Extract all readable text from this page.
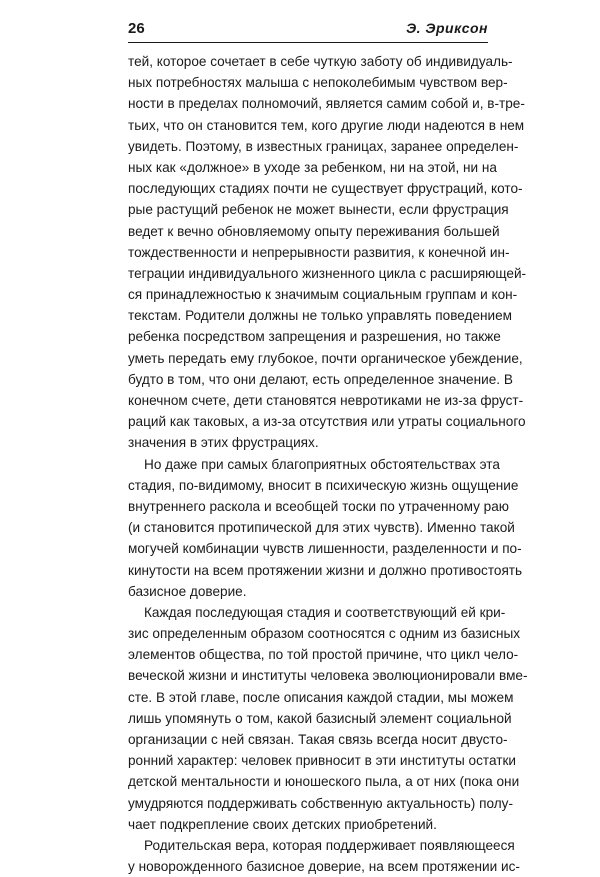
26	Э. Эриксон
тей, которое сочетает в себе чуткую заботу об индивидуаль-
ных потребностях малыша с непоколебимым чувством вер-
ности в пределах полномочий, является самим собой и, в-тре-
тьих, что он становится тем, кого другие люди надеются в нем
увидеть. Поэтому, в известных границах, заранее определен-
ных как «должное» в уходе за ребенком, ни на этой, ни на
последующих стадиях почти не существует фрустраций, кото-
рые растущий ребенок не может вынести, если фрустрация
ведет к вечно обновляемому опыту переживания большей
тождественности и непрерывности развития, к конечной ин-
теграции индивидуального жизненного цикла с расширяющей-
ся принадлежностью к значимым социальным группам и кон-
текстам. Родители должны не только управлять поведением
ребенка посредством запрещения и разрешения, но также
уметь передать ему глубокое, почти органическое убеждение,
будто в том, что они делают, есть определенное значение. В
конечном счете, дети становятся невротиками не из-за фруст-
раций как таковых, а из-за отсутствия или утраты социального
значения в этих фрустрациях.
Но даже при самых благоприятных обстоятельствах эта
стадия, по-видимому, вносит в психическую жизнь ощущение
внутреннего раскола и всеобщей тоски по утраченному раю
(и становится протипической для этих чувств). Именно такой
могучей комбинации чувств лишенности, разделенности и по-
кинутости на всем протяжении жизни и должно противостоять
базисное доверие.
Каждая последующая стадия и соответствующий ей кри-
зис определенным образом соотносятся с одним из базисных
элементов общества, по той простой причине, что цикл чело-
веческой жизни и институты человека эволюционировали вме-
сте. В этой главе, после описания каждой стадии, мы можем
лишь упомянуть о том, какой базисный элемент социальной
организации с ней связан. Такая связь всегда носит двусто-
ронний характер: человек привносит в эти институты остатки
детской ментальности и юношеского пыла, а от них (пока они
умудряются поддерживать собственную актуальность) полу-
чает подкрепление своих детских приобретений.
Родительская вера, которая поддерживает появляющееся
у новорожденного базисное доверие, на всем протяжении ис-
